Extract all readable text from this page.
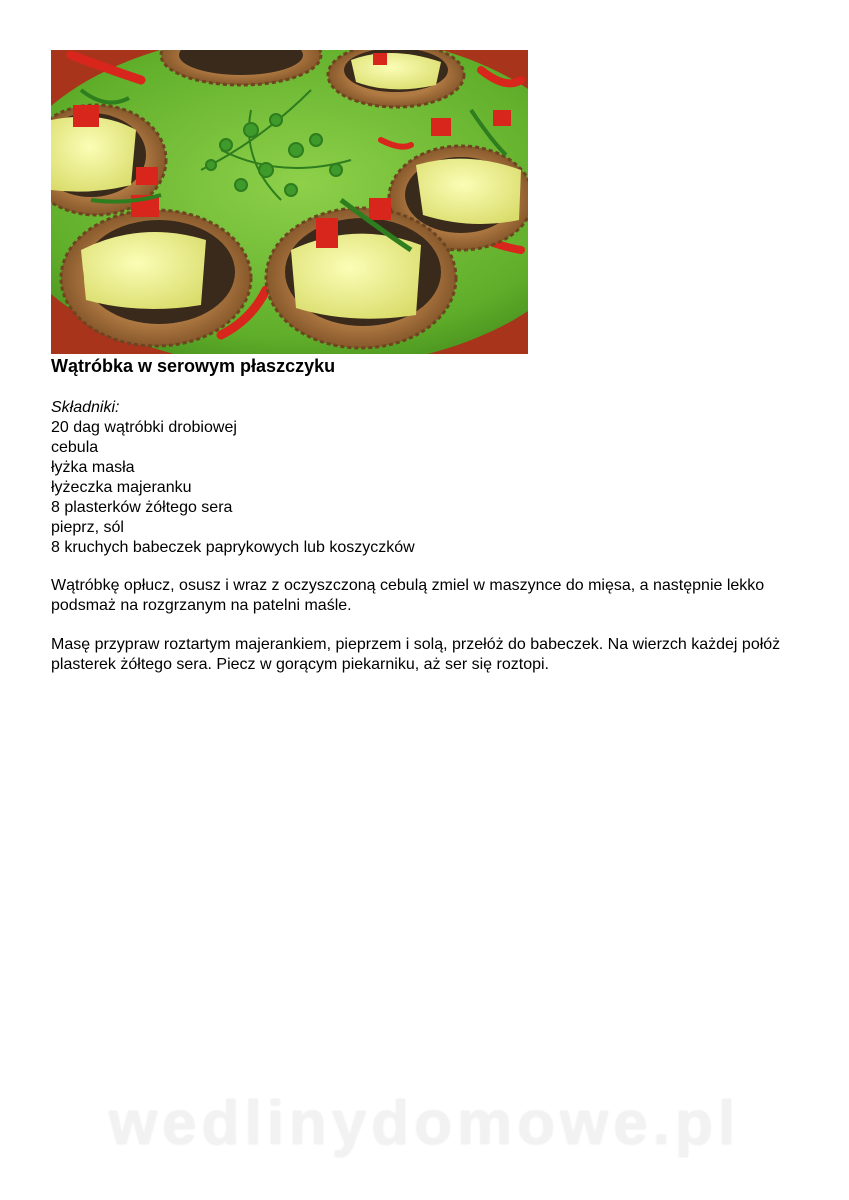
Wątróbka w serowym płaszczyku
Składniki:
20 dag wątróbki drobiowej
cebula
łyżka masła
łyżeczka majeranku
8 plasterków żółtego sera
pieprz, sól
8 kruchych babeczek paprykowych lub koszyczków

Wątróbkę opłucz, osusz i wraz z oczyszczoną cebulą zmiel w maszynce do mięsa, a następnie lekko podsmaż na rozgrzanym na patelni maśle.

Masę przypraw roztartym majerankiem, pieprzem i solą, przełóż do babeczek. Na wierzch każdej połóż plasterek żółtego sera. Piecz w gorącym piekarniku, aż ser się roztopi.

wedlinydomowe.pl
